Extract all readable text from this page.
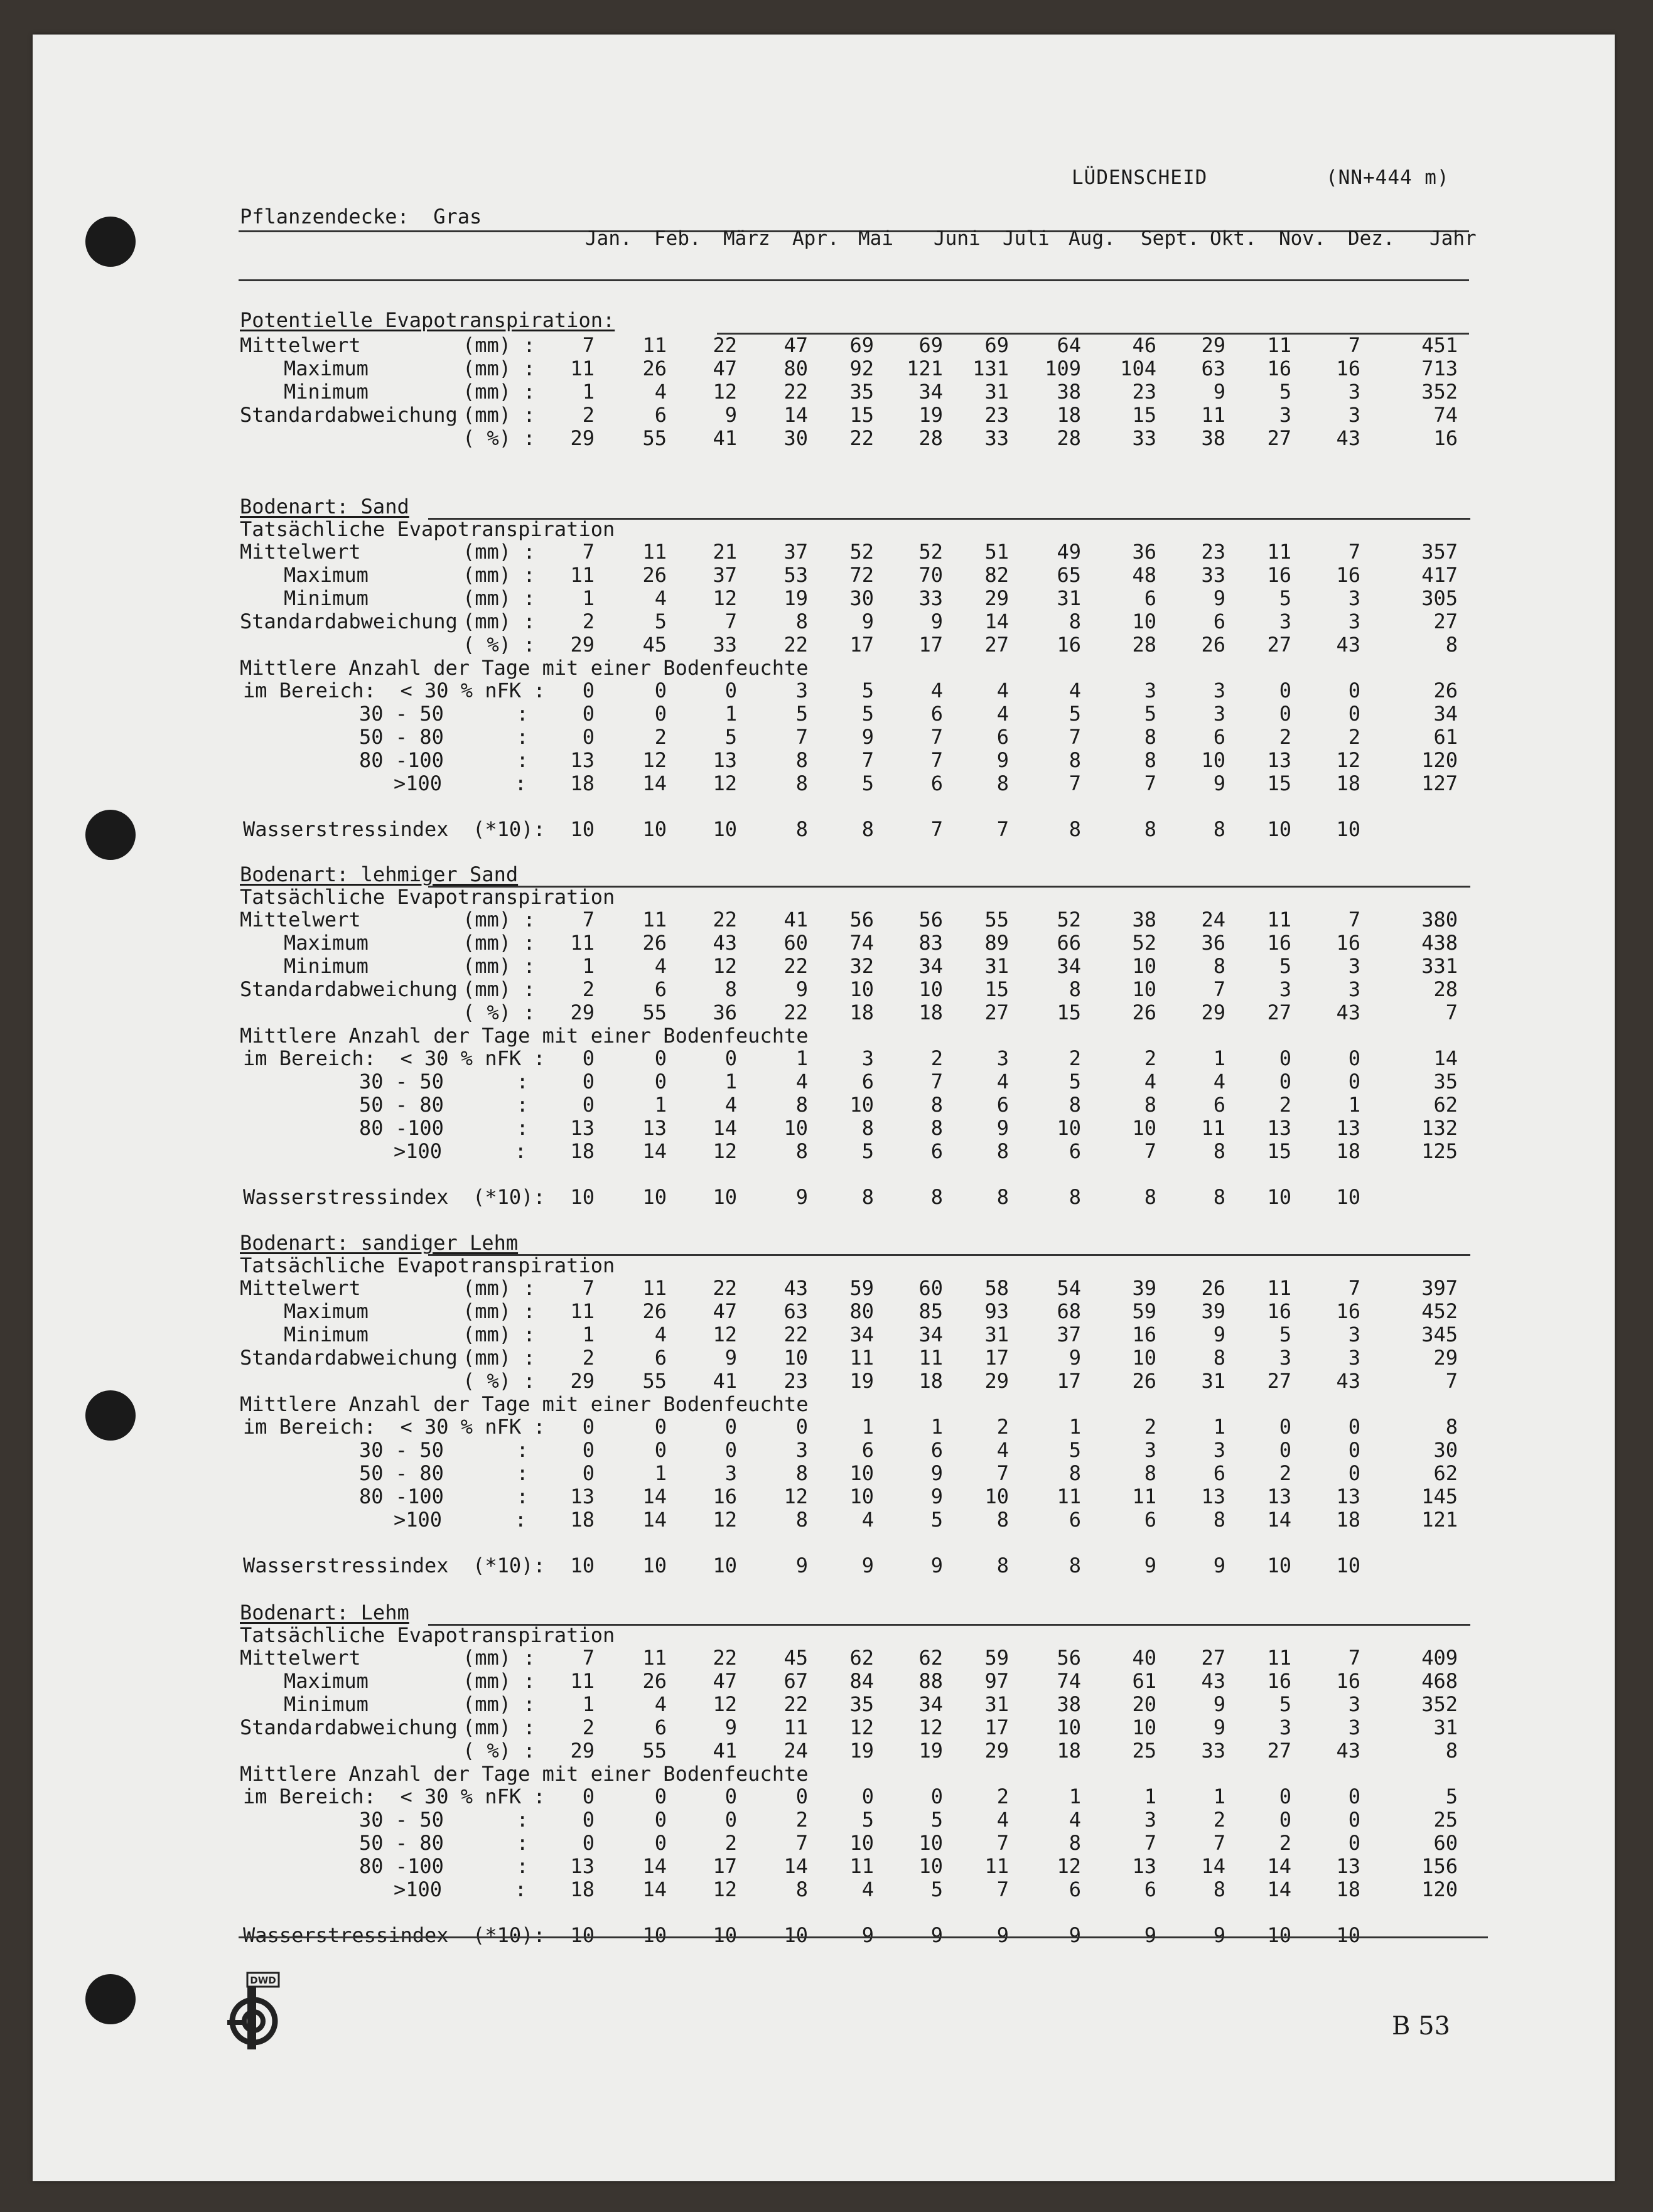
LÜDENSCHEID	(NN+444 m)
Pflanzendecke:  Gras
Jan. Feb. März Apr. Mai Juni Juli Aug. Sept. Okt. Nov. Dez. Jahr
Potentielle Evapotranspiration:
Mittelwert	(mm) :	7	11	22	47	69	69	69	64	46	29	11	7	451
Maximum	(mm) :	11	26	47	80	92	121	131	109	104	63	16	16	713
Minimum	(mm) :	1	4	12	22	35	34	31	38	23	9	5	3	352
Standardabweichung (mm) :	2	6	9	14	15	19	23	18	15	11	3	3	74
( %) :	29	55	41	30	22	28	33	28	33	38	27	43	16
Bodenart: Sand
Tatsächliche Evapotranspiration
Mittelwert	(mm) :	7	11	21	37	52	52	51	49	36	23	11	7	357
Maximum	(mm) :	11	26	37	53	72	70	82	65	48	33	16	16	417
Minimum	(mm) :	1	4	12	19	30	33	29	31	6	9	5	3	305
Standardabweichung (mm) :	2	5	7	8	9	9	14	8	10	6	3	3	27
( %) :	29	45	33	22	17	17	27	16	28	26	27	43	8
Mittlere Anzahl der Tage mit einer Bodenfeuchte
im Bereich:  < 30 % nFK :	0	0	0	3	5	4	4	4	3	3	0	0	26
30 - 50      :	0	0	1	5	5	6	4	5	5	3	0	0	34
50 - 80      :	0	2	5	7	9	7	6	7	8	6	2	2	61
80 -100      :	13	12	13	8	7	7	9	8	8	10	13	12	120
>100      :	18	14	12	8	5	6	8	7	7	9	15	18	127
Wasserstressindex  (*10):	10	10	10	8	8	7	7	8	8	8	10	10
Bodenart: lehmiger Sand
Tatsächliche Evapotranspiration
Mittelwert	(mm) :	7	11	22	41	56	56	55	52	38	24	11	7	380
Maximum	(mm) :	11	26	43	60	74	83	89	66	52	36	16	16	438
Minimum	(mm) :	1	4	12	22	32	34	31	34	10	8	5	3	331
Standardabweichung (mm) :	2	6	8	9	10	10	15	8	10	7	3	3	28
( %) :	29	55	36	22	18	18	27	15	26	29	27	43	7
Mittlere Anzahl der Tage mit einer Bodenfeuchte
im Bereich:  < 30 % nFK :	0	0	0	1	3	2	3	2	2	1	0	0	14
30 - 50      :	0	0	1	4	6	7	4	5	4	4	0	0	35
50 - 80      :	0	1	4	8	10	8	6	8	8	6	2	1	62
80 -100      :	13	13	14	10	8	8	9	10	10	11	13	13	132
>100      :	18	14	12	8	5	6	8	6	7	8	15	18	125
Wasserstressindex  (*10):	10	10	10	9	8	8	8	8	8	8	10	10
Bodenart: sandiger Lehm
Tatsächliche Evapotranspiration
Mittelwert	(mm) :	7	11	22	43	59	60	58	54	39	26	11	7	397
Maximum	(mm) :	11	26	47	63	80	85	93	68	59	39	16	16	452
Minimum	(mm) :	1	4	12	22	34	34	31	37	16	9	5	3	345
Standardabweichung (mm) :	2	6	9	10	11	11	17	9	10	8	3	3	29
( %) :	29	55	41	23	19	18	29	17	26	31	27	43	7
Mittlere Anzahl der Tage mit einer Bodenfeuchte
im Bereich:  < 30 % nFK :	0	0	0	0	1	1	2	1	2	1	0	0	8
30 - 50      :	0	0	0	3	6	6	4	5	3	3	0	0	30
50 - 80      :	0	1	3	8	10	9	7	8	8	6	2	0	62
80 -100      :	13	14	16	12	10	9	10	11	11	13	13	13	145
>100      :	18	14	12	8	4	5	8	6	6	8	14	18	121
Wasserstressindex  (*10):	10	10	10	9	9	9	8	8	9	9	10	10
Bodenart: Lehm
Tatsächliche Evapotranspiration
Mittelwert	(mm) :	7	11	22	45	62	62	59	56	40	27	11	7	409
Maximum	(mm) :	11	26	47	67	84	88	97	74	61	43	16	16	468
Minimum	(mm) :	1	4	12	22	35	34	31	38	20	9	5	3	352
Standardabweichung (mm) :	2	6	9	11	12	12	17	10	10	9	3	3	31
( %) :	29	55	41	24	19	19	29	18	25	33	27	43	8
Mittlere Anzahl der Tage mit einer Bodenfeuchte
im Bereich:  < 30 % nFK :	0	0	0	0	0	0	2	1	1	1	0	0	5
30 - 50      :	0	0	0	2	5	5	4	4	3	2	0	0	25
50 - 80      :	0	0	2	7	10	10	7	8	7	7	2	0	60
80 -100      :	13	14	17	14	11	10	11	12	13	14	14	13	156
>100      :	18	14	12	8	4	5	7	6	6	8	14	18	120
Wasserstressindex  (*10):	10	10	10	10	9	9	9	9	9	9	10	10
DWD
B 53
